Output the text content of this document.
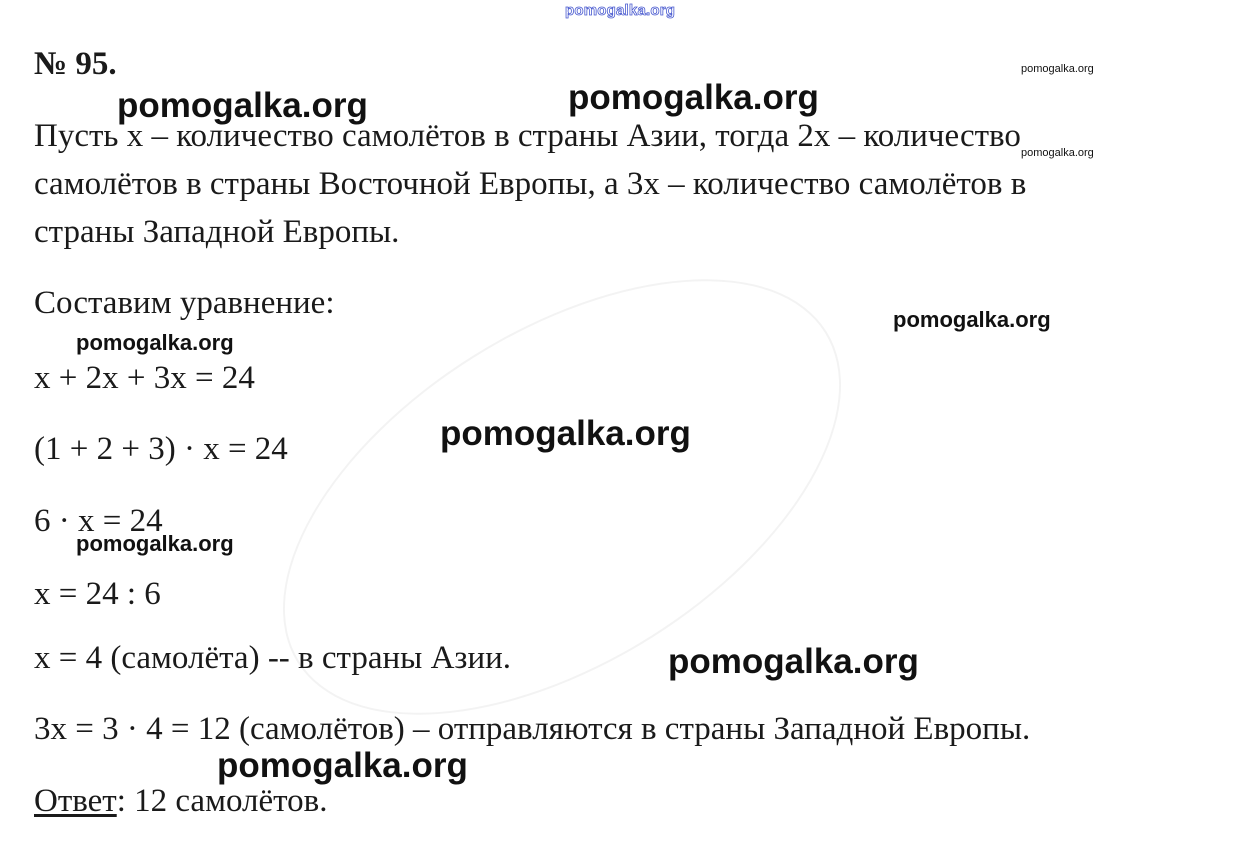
pomogalka.org
№ 95.
Пусть х – количество самолётов в страны Азии, тогда 2х – количество
самолётов в страны Восточной Европы, а 3х – количество самолётов в
страны Западной Европы.
Составим уравнение:
х + 2х + 3х = 24
(1 + 2 + 3) · х = 24
6 · х = 24
х = 24 : 6
х = 4 (самолёта) -- в страны Азии.
3х = 3 · 4 = 12 (самолётов) – отправляются в страны Западной Европы.
Ответ: 12 самолётов.
pomogalka.org	pomogalka.org
pomogalka.org
pomogalka.org
pomogalka.org
pomogalka.org
pomogalka.org
pomogalka.org
pomogalka.org
pomogalka.org
